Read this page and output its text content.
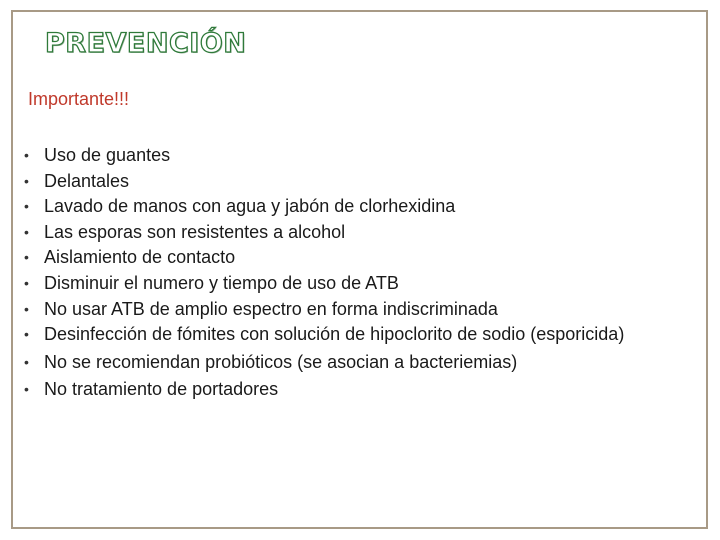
PREVENCIÓN
Importante!!!
• Uso de guantes
• Delantales
• Lavado de manos con agua y jabón de clorhexidina
• Las esporas son resistentes a alcohol
• Aislamiento de contacto
• Disminuir el numero y tiempo de uso de ATB
• No usar ATB de amplio espectro en forma indiscriminada
• Desinfección de fómites con solución de hipoclorito de sodio (esporicida)
• No se recomiendan probióticos (se asocian a bacteriemias)
• No tratamiento de portadores
